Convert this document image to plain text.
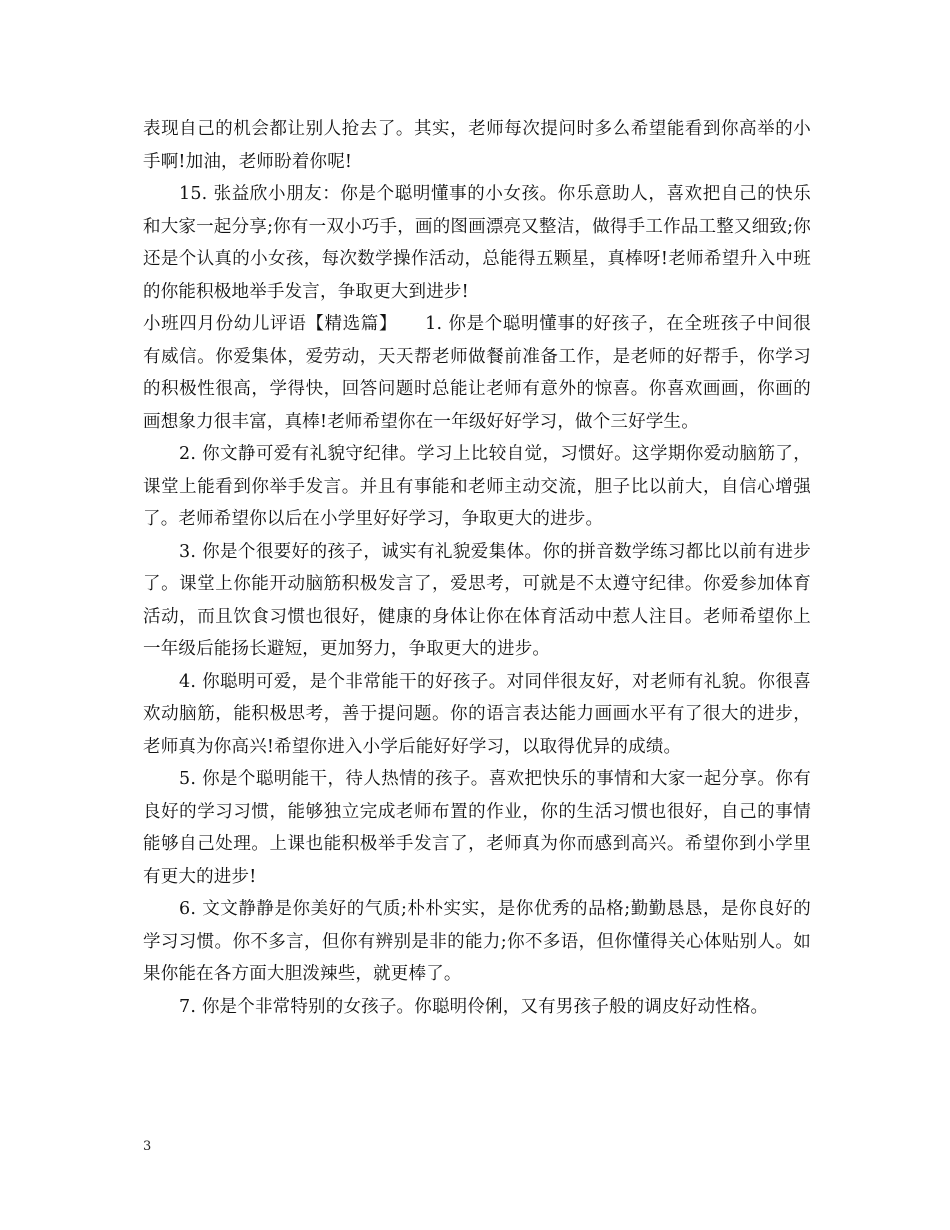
表现自己的机会都让别人抢去了。其实，老师每次提问时多么希望能看到你高举的小手啊!加油，老师盼着你呢!

15. 张益欣小朋友：你是个聪明懂事的小女孩。你乐意助人，喜欢把自己的快乐和大家一起分享;你有一双小巧手，画的图画漂亮又整洁，做得手工作品工整又细致;你还是个认真的小女孩，每次数学操作活动，总能得五颗星，真棒呀!老师希望升入中班的你能积极地举手发言，争取更大到进步!

小班四月份幼儿评语【精选篇】 1. 你是个聪明懂事的好孩子，在全班孩子中间很有威信。你爱集体，爱劳动，天天帮老师做餐前准备工作，是老师的好帮手，你学习的积极性很高，学得快，回答问题时总能让老师有意外的惊喜。你喜欢画画，你画的画想象力很丰富，真棒!老师希望你在一年级好好学习，做个三好学生。

2. 你文静可爱有礼貌守纪律。学习上比较自觉，习惯好。这学期你爱动脑筋了，课堂上能看到你举手发言。并且有事能和老师主动交流，胆子比以前大，自信心增强了。老师希望你以后在小学里好好学习，争取更大的进步。

3. 你是个很要好的孩子，诚实有礼貌爱集体。你的拼音数学练习都比以前有进步了。课堂上你能开动脑筋积极发言了，爱思考，可就是不太遵守纪律。你爱参加体育活动，而且饮食习惯也很好，健康的身体让你在体育活动中惹人注目。老师希望你上一年级后能扬长避短，更加努力，争取更大的进步。

4. 你聪明可爱，是个非常能干的好孩子。对同伴很友好，对老师有礼貌。你很喜欢动脑筋，能积极思考，善于提问题。你的语言表达能力画画水平有了很大的进步，老师真为你高兴!希望你进入小学后能好好学习，以取得优异的成绩。

5. 你是个聪明能干，待人热情的孩子。喜欢把快乐的事情和大家一起分享。你有良好的学习习惯，能够独立完成老师布置的作业，你的生活习惯也很好，自己的事情能够自己处理。上课也能积极举手发言了，老师真为你而感到高兴。希望你到小学里有更大的进步!

6. 文文静静是你美好的气质;朴朴实实，是你优秀的品格;勤勤恳恳，是你良好的学习习惯。你不多言，但你有辨别是非的能力;你不多语，但你懂得关心体贴别人。如果你能在各方面大胆泼辣些，就更棒了。

7. 你是个非常特别的女孩子。你聪明伶俐，又有男孩子般的调皮好动性格。

3
